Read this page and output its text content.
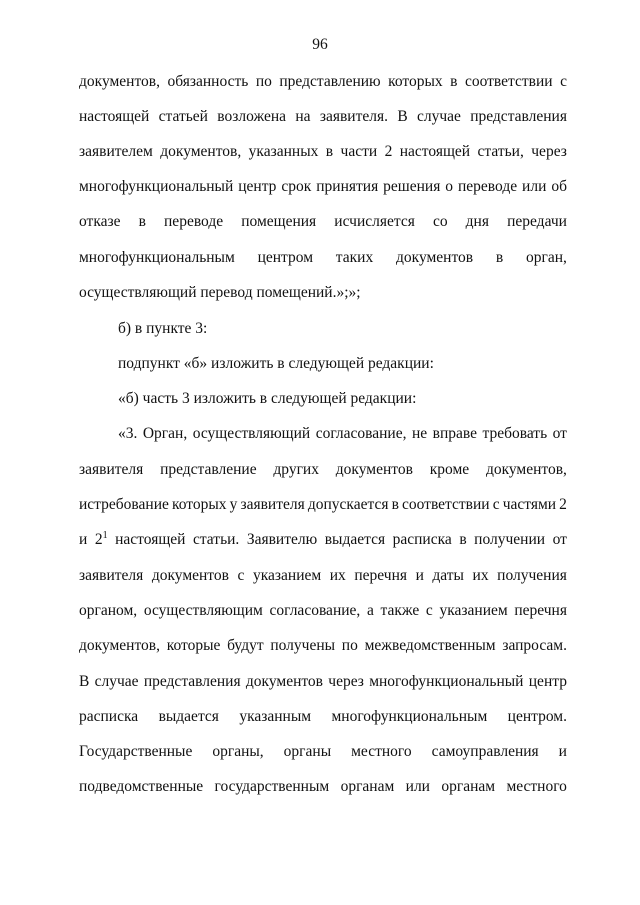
96
документов, обязанность по представлению которых в соответствии с
настоящей статьей возложена на заявителя. В случае представления
заявителем документов, указанных в части 2 настоящей статьи, через
многофункциональный центр срок принятия решения о переводе или об
отказе в переводе помещения исчисляется со дня передачи
многофункциональным центром таких документов в орган,
осуществляющий перевод помещений.»;»;
б) в пункте 3:
подпункт «б» изложить в следующей редакции:
«б) часть 3 изложить в следующей редакции:
«3. Орган, осуществляющий согласование, не вправе требовать от
заявителя представление других документов кроме документов,
истребование которых у заявителя допускается в соответствии с частями 2
и $2^1$ настоящей статьи. Заявителю выдается расписка в получении от
заявителя документов с указанием их перечня и даты их получения
органом, осуществляющим согласование, а также с указанием перечня
документов, которые будут получены по межведомственным запросам.
В случае представления документов через многофункциональный центр
расписка выдается указанным многофункциональным центром.
Государственные органы, органы местного самоуправления и
подведомственные государственным органам или органам местного
